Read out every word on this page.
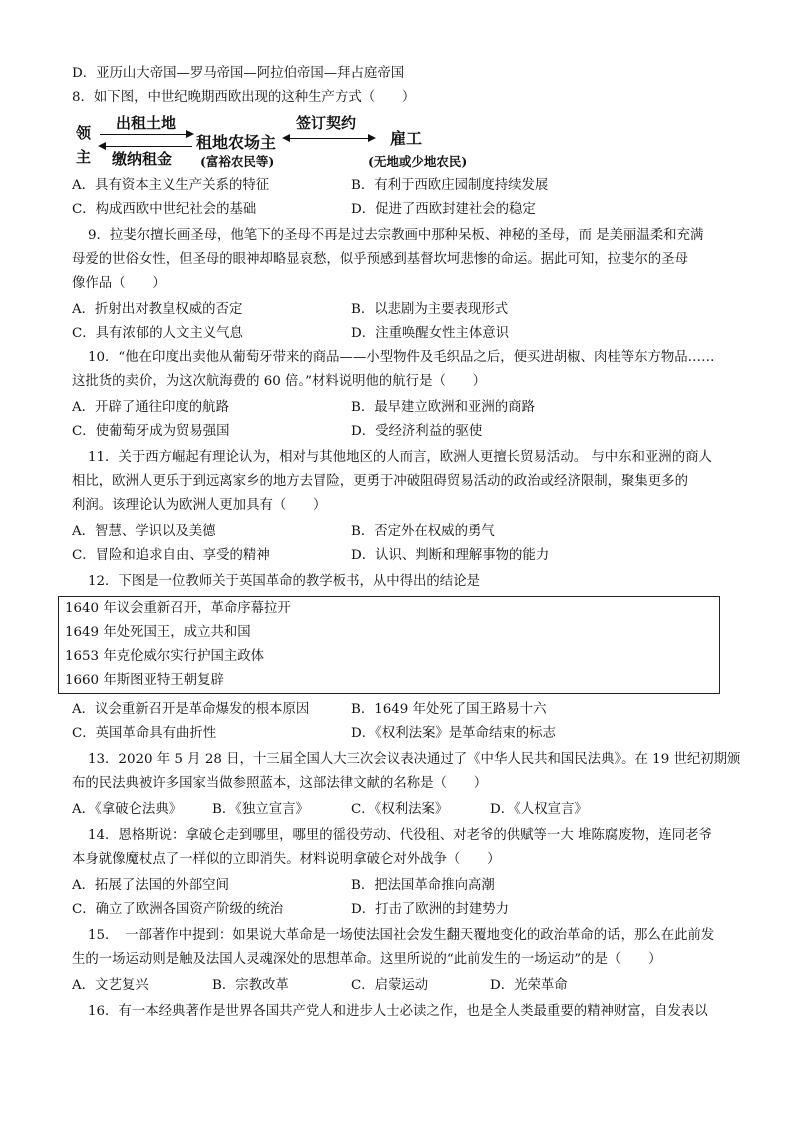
D．亚历山大帝国—罗马帝国—阿拉伯帝国—拜占庭帝国
8．如下图，中世纪晚期西欧出现的这种生产方式（　　）
领
主
出租土地
缴纳租金
租地农场主
(富裕农民等)
签订契约
雇工
(无地或少地农民)
A．具有资本主义生产关系的特征	B．有利于西欧庄园制度持续发展
C．构成西欧中世纪社会的基础	D．促进了西欧封建社会的稳定
9．拉斐尔擅长画圣母，他笔下的圣母不再是过去宗教画中那种呆板、神秘的圣母，而 是美丽温柔和充满
母爱的世俗女性，但圣母的眼神却略显哀愁，似乎预感到基督坎坷悲惨的命运。据此可知，拉斐尔的圣母
像作品（　　）
A．折射出对教皇权威的否定	B．以悲剧为主要表现形式
C．具有浓郁的人文主义气息	D．注重唤醒女性主体意识
10．“他在印度出卖他从葡萄牙带来的商品——小型物件及毛织品之后，便买进胡椒、肉桂等东方物品……
这批货的卖价，为这次航海费的 60 倍。”材料说明他的航行是（　　）
A．开辟了通往印度的航路	B．最早建立欧洲和亚洲的商路
C．使葡萄牙成为贸易强国	D．受经济利益的驱使
11．关于西方崛起有理论认为，相对与其他地区的人而言，欧洲人更擅长贸易活动。 与中东和亚洲的商人
相比，欧洲人更乐于到远离家乡的地方去冒险，更勇于冲破阻碍贸易活动的政治或经济限制，聚集更多的
利润。该理论认为欧洲人更加具有（　　）
A．智慧、学识以及美德	B．否定外在权威的勇气
C．冒险和追求自由、享受的精神	D．认识、判断和理解事物的能力
12．下图是一位教师关于英国革命的教学板书，从中得出的结论是
1640 年议会重新召开，革命序幕拉开
1649 年处死国王，成立共和国
1653 年克伦威尔实行护国主政体
1660 年斯图亚特王朝复辟
A．议会重新召开是革命爆发的根本原因	B．1649 年处死了国王路易十六
C．英国革命具有曲折性	D．《权利法案》是革命结束的标志
13．2020 年 5 月 28 日，十三届全国人大三次会议表决通过了《中华人民共和国民法典》。在 19 世纪初期颁
布的民法典被许多国家当做参照蓝本，这部法律文献的名称是（　　）
A．《拿破仑法典》 B．《独立宣言》	C．《权利法案》	D．《人权宣言》
14．恩格斯说：拿破仑走到哪里，哪里的徭役劳动、代役租、对老爷的供赋等一大 堆陈腐废物，连同老爷
本身就像魔杖点了一样似的立即消失。材料说明拿破仑对外战争（　　）
A．拓展了法国的外部空间	B．把法国革命推向高潮
C．确立了欧洲各国资产阶级的统治	D．打击了欧洲的封建势力
15．　一部著作中提到：如果说大革命是一场使法国社会发生翻天覆地变化的政治革命的话，那么在此前发
生的一场运动则是触及法国人灵魂深处的思想革命。这里所说的“此前发生的一场运动”的是（　　）
A．文艺复兴	B．宗教改革	C．启蒙运动	D．光荣革命
16．有一本经典著作是世界各国共产党人和进步人士必读之作，也是全人类最重要的精神财富，自发表以
